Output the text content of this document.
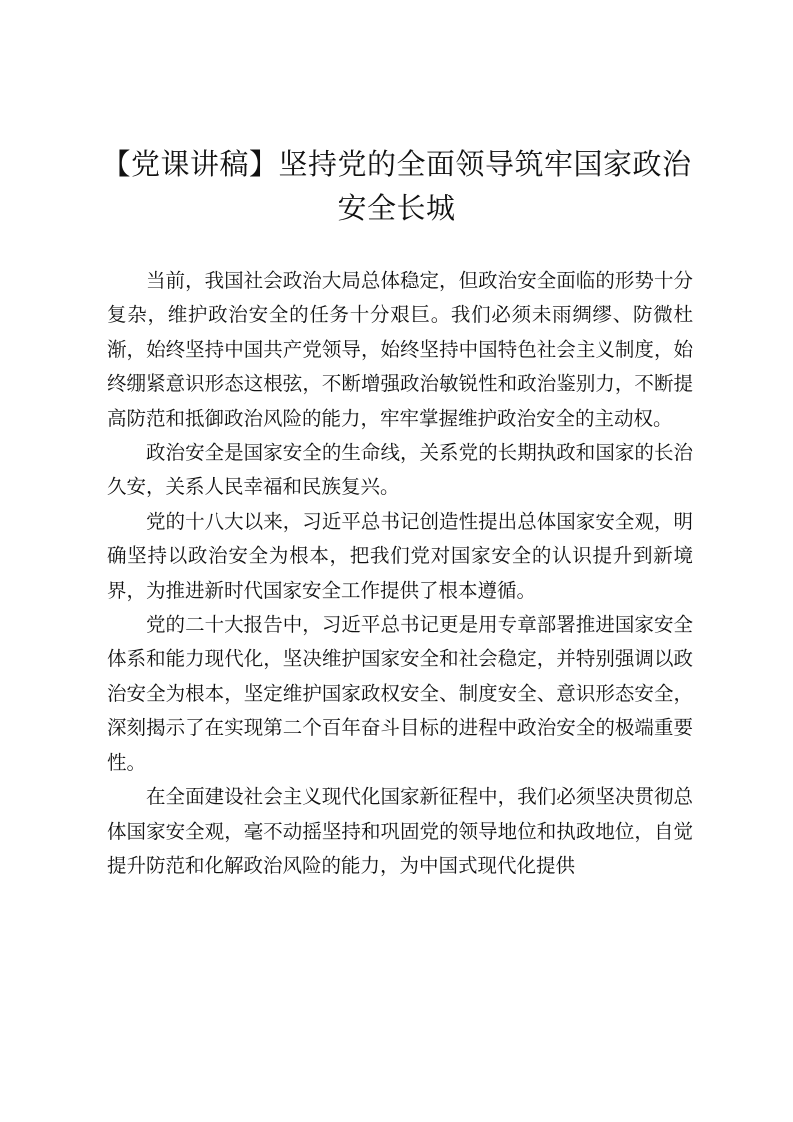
【党课讲稿】坚持党的全面领导筑牢国家政治安全长城

当前，我国社会政治大局总体稳定，但政治安全面临的形势十分复杂，维护政治安全的任务十分艰巨。我们必须未雨绸缪、防微杜渐，始终坚持中国共产党领导，始终坚持中国特色社会主义制度，始终绷紧意识形态这根弦，不断增强政治敏锐性和政治鉴别力，不断提高防范和抵御政治风险的能力，牢牢掌握维护政治安全的主动权。

政治安全是国家安全的生命线，关系党的长期执政和国家的长治久安，关系人民幸福和民族复兴。

党的十八大以来，习近平总书记创造性提出总体国家安全观，明确坚持以政治安全为根本，把我们党对国家安全的认识提升到新境界，为推进新时代国家安全工作提供了根本遵循。

党的二十大报告中，习近平总书记更是用专章部署推进国家安全体系和能力现代化，坚决维护国家安全和社会稳定，并特别强调以政治安全为根本，坚定维护国家政权安全、制度安全、意识形态安全，深刻揭示了在实现第二个百年奋斗目标的进程中政治安全的极端重要性。

在全面建设社会主义现代化国家新征程中，我们必须坚决贯彻总体国家安全观，毫不动摇坚持和巩固党的领导地位和执政地位，自觉提升防范和化解政治风险的能力，为中国式现代化提供
